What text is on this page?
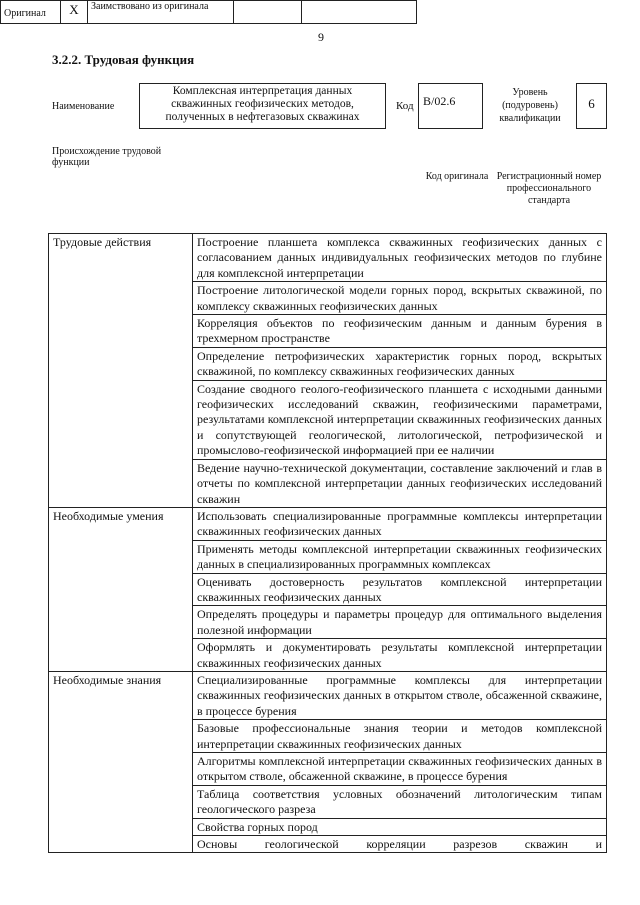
9
3.2.2. Трудовая функция
Наименование
Комплексная интерпретация данных скважинных геофизических методов, полученных в нефтегазовых скважинах
Код B/02.6
Уровень (подуровень) квалификации
6
Происхождение трудовой функции
Оригинал	X	Заимствовано из оригинала
Код оригинала Регистрационный номер профессионального стандарта
Трудовые действия	Построение планшета комплекса скважинных геофизических данных с согласованием данных индивидуальных геофизических методов по глубине для комплексной интерпретации
	Построение литологической модели горных пород, вскрытых скважиной, по комплексу скважинных геофизических данных
	Корреляция объектов по геофизическим данным и данным бурения в трехмерном пространстве
	Определение петрофизических характеристик горных пород, вскрытых скважиной, по комплексу скважинных геофизических данных
	Создание сводного геолого-геофизического планшета с исходными данными геофизических исследований скважин, геофизическими параметрами, результатами комплексной интерпретации скважинных геофизических данных и сопутствующей геологической, литологической, петрофизической и промыслово-геофизической информацией при ее наличии
	Ведение научно-технической документации, составление заключений и глав в отчеты по комплексной интерпретации данных геофизических исследований скважин
Необходимые умения	Использовать специализированные программные комплексы интерпретации скважинных геофизических данных
	Применять методы комплексной интерпретации скважинных геофизических данных в специализированных программных комплексах
	Оценивать достоверность результатов комплексной интерпретации скважинных геофизических данных
	Определять процедуры и параметры процедур для оптимального выделения полезной информации
	Оформлять и документировать результаты комплексной интерпретации скважинных геофизических данных
Необходимые знания	Специализированные программные комплексы для интерпретации скважинных геофизических данных в открытом стволе, обсаженной скважине, в процессе бурения
	Базовые профессиональные знания теории и методов комплексной интерпретации скважинных геофизических данных
	Алгоритмы комплексной интерпретации скважинных геофизических данных в открытом стволе, обсаженной скважине, в процессе бурения
	Таблица соответствия условных обозначений литологическим типам геологического разреза
	Свойства горных пород
	Основы геологической корреляции разрезов скважин и
